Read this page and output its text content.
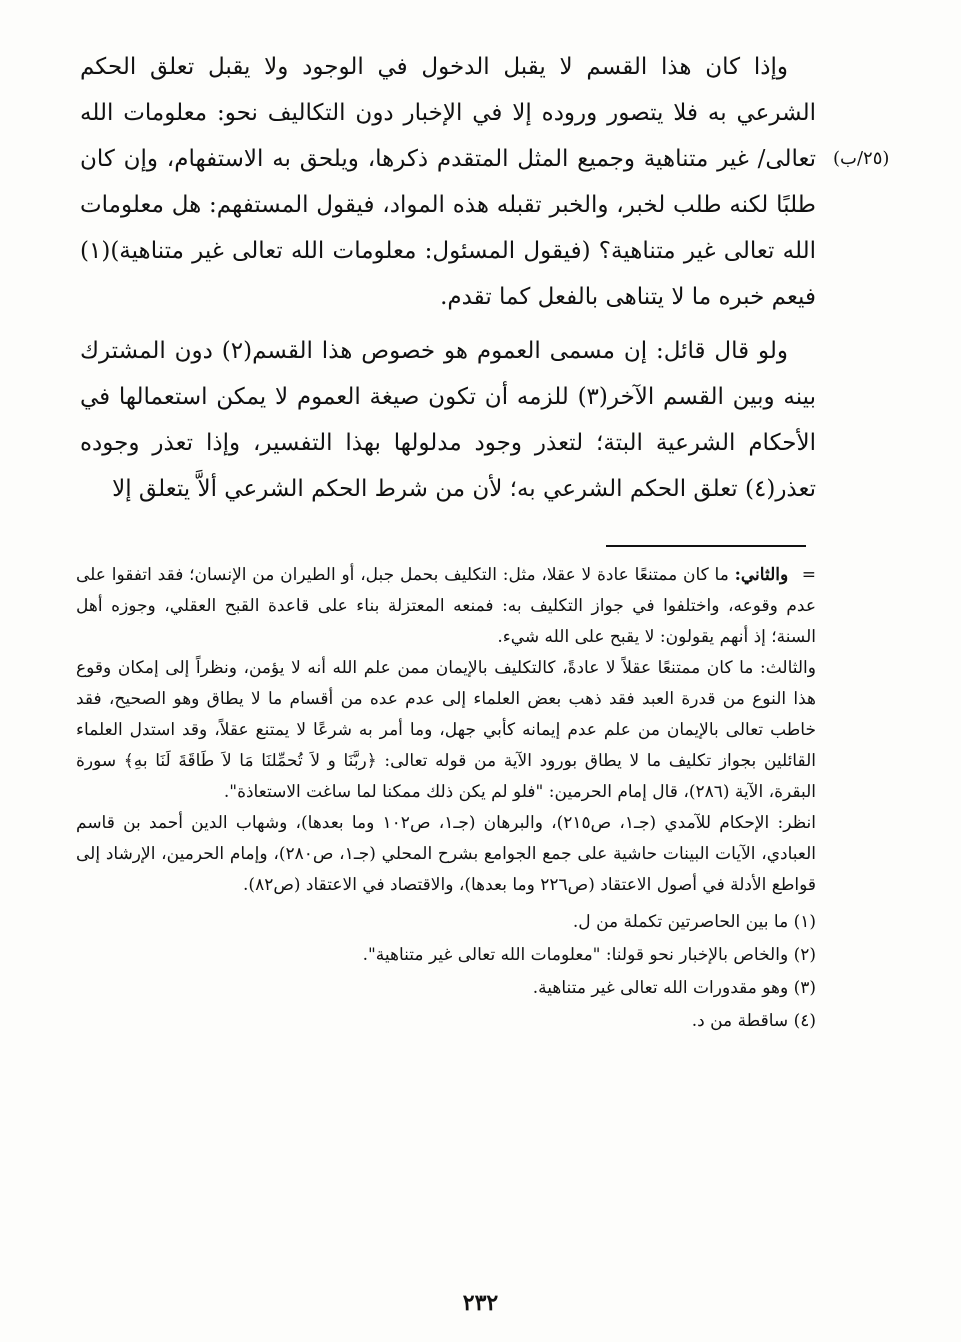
(٢٥/ب)

وإذا كان هذا القسم لا يقبل الدخول في الوجود ولا يقبل تعلق الحكم الشرعي به فلا يتصور وروده إلا في الإخبار دون التكاليف نحو: معلومات الله تعالى/ غير متناهية وجميع المثل المتقدم ذكرها، ويلحق به الاستفهام، وإن كان طلبًا لكنه طلب لخبر، والخبر تقبله هذه المواد، فيقول المستفهم: هل معلومات الله تعالى غير متناهية؟ (فيقول المسئول: معلومات الله تعالى غير متناهية)(١) فيعم خبره ما لا يتناهى بالفعل كما تقدم.

ولو قال قائل: إن مسمى العموم هو خصوص هذا القسم(٢) دون المشترك بينه وبين القسم الآخر(٣) للزمه أن تكون صيغة العموم لا يمكن استعمالها في الأحكام الشرعية البتة؛ لتعذر وجود مدلولها بهذا التفسير، وإذا تعذر وجوده تعذر(٤) تعلق الحكم الشرعي به؛ لأن من شرط الحكم الشرعي ألاَّ يتعلق إلا

= والثاني: ما كان ممتنعًا عادة لا عقلا، مثل: التكليف بحمل جبل، أو الطيران من الإنسان؛ فقد اتفقوا على عدم وقوعه، واختلفوا في جواز التكليف به: فمنعه المعتزلة بناء على قاعدة القبح العقلي، وجوزه أهل السنة؛ إذ أنهم يقولون: لا يقبح على الله شيء.

والثالث: ما كان ممتنعًا عقلاً لا عادةً، كالتكليف بالإيمان ممن علم الله أنه لا يؤمن، ونظراً إلى إمكان وقوع هذا النوع من قدرة العبد فقد ذهب بعض العلماء إلى عدم عده من أقسام ما لا يطاق وهو الصحيح، فقد خاطب تعالى بالإيمان من علم عدم إيمانه كأبي جهل، وما أمر به شرعًا لا يمتنع عقلاً، وقد استدل العلماء القائلين بجواز تكليف ما لا يطاق بورود الآية من قوله تعالى: ﴿ربَّنَا و لاَ تُحمِّلنَا مَا لاَ طَاقَةَ لَنَا بهِ﴾ سورة البقرة، الآية (٢٨٦)، قال إمام الحرمين: "فلو لم يكن ذلك ممكنا لما ساغت الاستعاذة".

انظر: الإحكام للآمدي (جـ١، ص٢١٥)، والبرهان (جـ١، ص١٠٢ وما بعدها)، وشهاب الدين أحمد بن قاسم العبادي، الآيات البينات حاشية على جمع الجوامع بشرح المحلي (جـ١، ص٢٨٠)، وإمام الحرمين، الإرشاد إلى قواطع الأدلة في أصول الاعتقاد (ص٢٢٦ وما بعدها)، والاقتصاد في الاعتقاد (ص٨٢).

(١) ما بين الحاصرتين تكملة من ل.

(٢) والخاص بالإخبار نحو قولنا: "معلومات الله تعالى غير متناهية".

(٣) وهو مقدورات الله تعالى غير متناهية.

(٤) ساقطة من د.

٢٣٢
